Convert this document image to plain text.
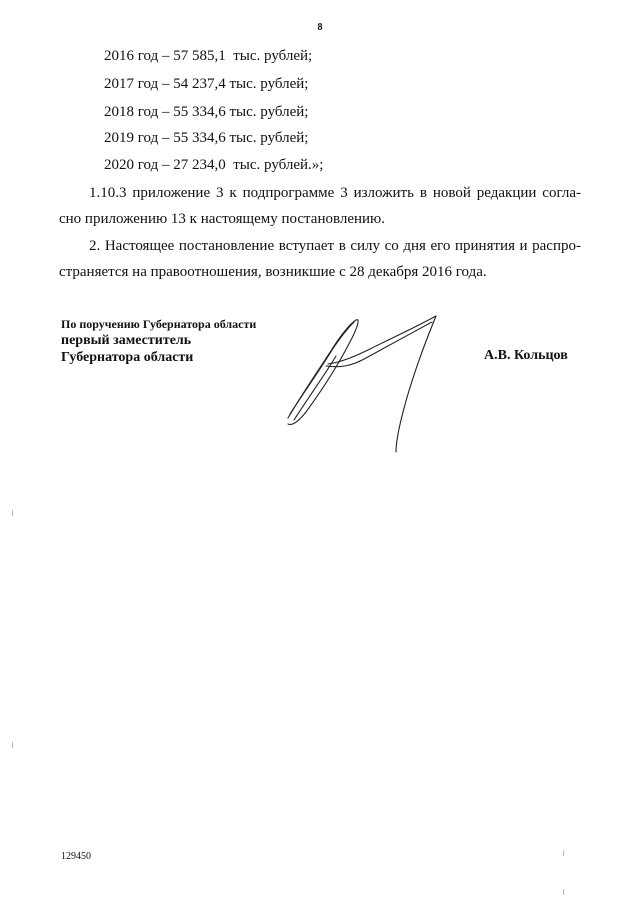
8
2016 год – 57 585,1  тыс. рублей;
2017 год – 54 237,4 тыс. рублей;
2018 год – 55 334,6 тыс. рублей;
2019 год – 55 334,6 тыс. рублей;
2020 год – 27 234,0  тыс. рублей.»;
1.10.3 приложение 3 к подпрограмме 3 изложить в новой редакции согла-
сно приложению 13 к настоящему постановлению.
2. Настоящее постановление вступает в силу со дня его принятия и распро-
страняется на правоотношения, возникшие с 28 декабря 2016 года.
По поручению Губернатора области
первый заместитель
Губернатора области	А.В. Кольцов
129450
